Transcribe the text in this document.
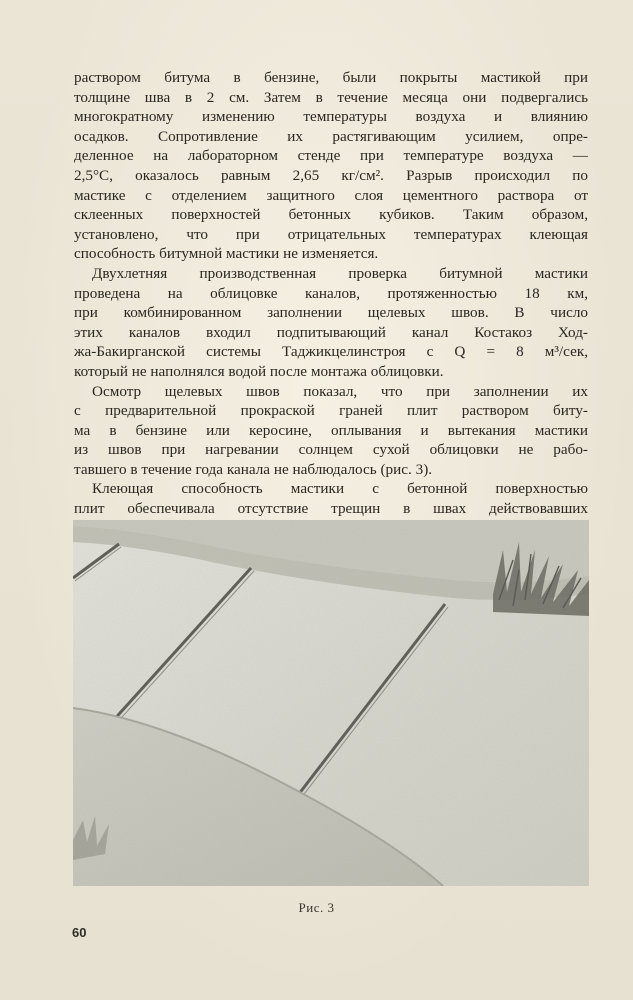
раствором битума в бензине, были покрыты мастикой при
толщине шва в 2 см. Затем в течение месяца они подвергались
многократному изменению температуры воздуха и влиянию
осадков. Сопротивление их растягивающим усилием, опре-
деленное на лабораторном стенде при температуре воздуха —
2,5°С, оказалось равным 2,65 кг/см². Разрыв происходил по
мастике с отделением защитного слоя цементного раствора от
склеенных поверхностей бетонных кубиков. Таким образом,
установлено, что при отрицательных температурах клеющая
способность битумной мастики не изменяется.

Двухлетняя производственная проверка битумной мастики
проведена на облицовке каналов, протяженностью 18 км,
при комбинированном заполнении щелевых швов. В число
этих каналов входил подпитывающий канал Костакоз Ход-
жа-Бакирганской системы Таджикцелинстроя с Q = 8 м³/сек,
который не наполнялся водой после монтажа облицовки.

Осмотр щелевых швов показал, что при заполнении их
с предварительной прокраской граней плит раствором биту-
ма в бензине или керосине, оплывания и вытекания мастики
из швов при нагревании солнцем сухой облицовки не рабо-
тавшего в течение года канала не наблюдалось (рис. 3).

Клеющая способность мастики с бетонной поверхностью
плит обеспечивала отсутствие трещин в швах действовавших

Рис. 3
60
